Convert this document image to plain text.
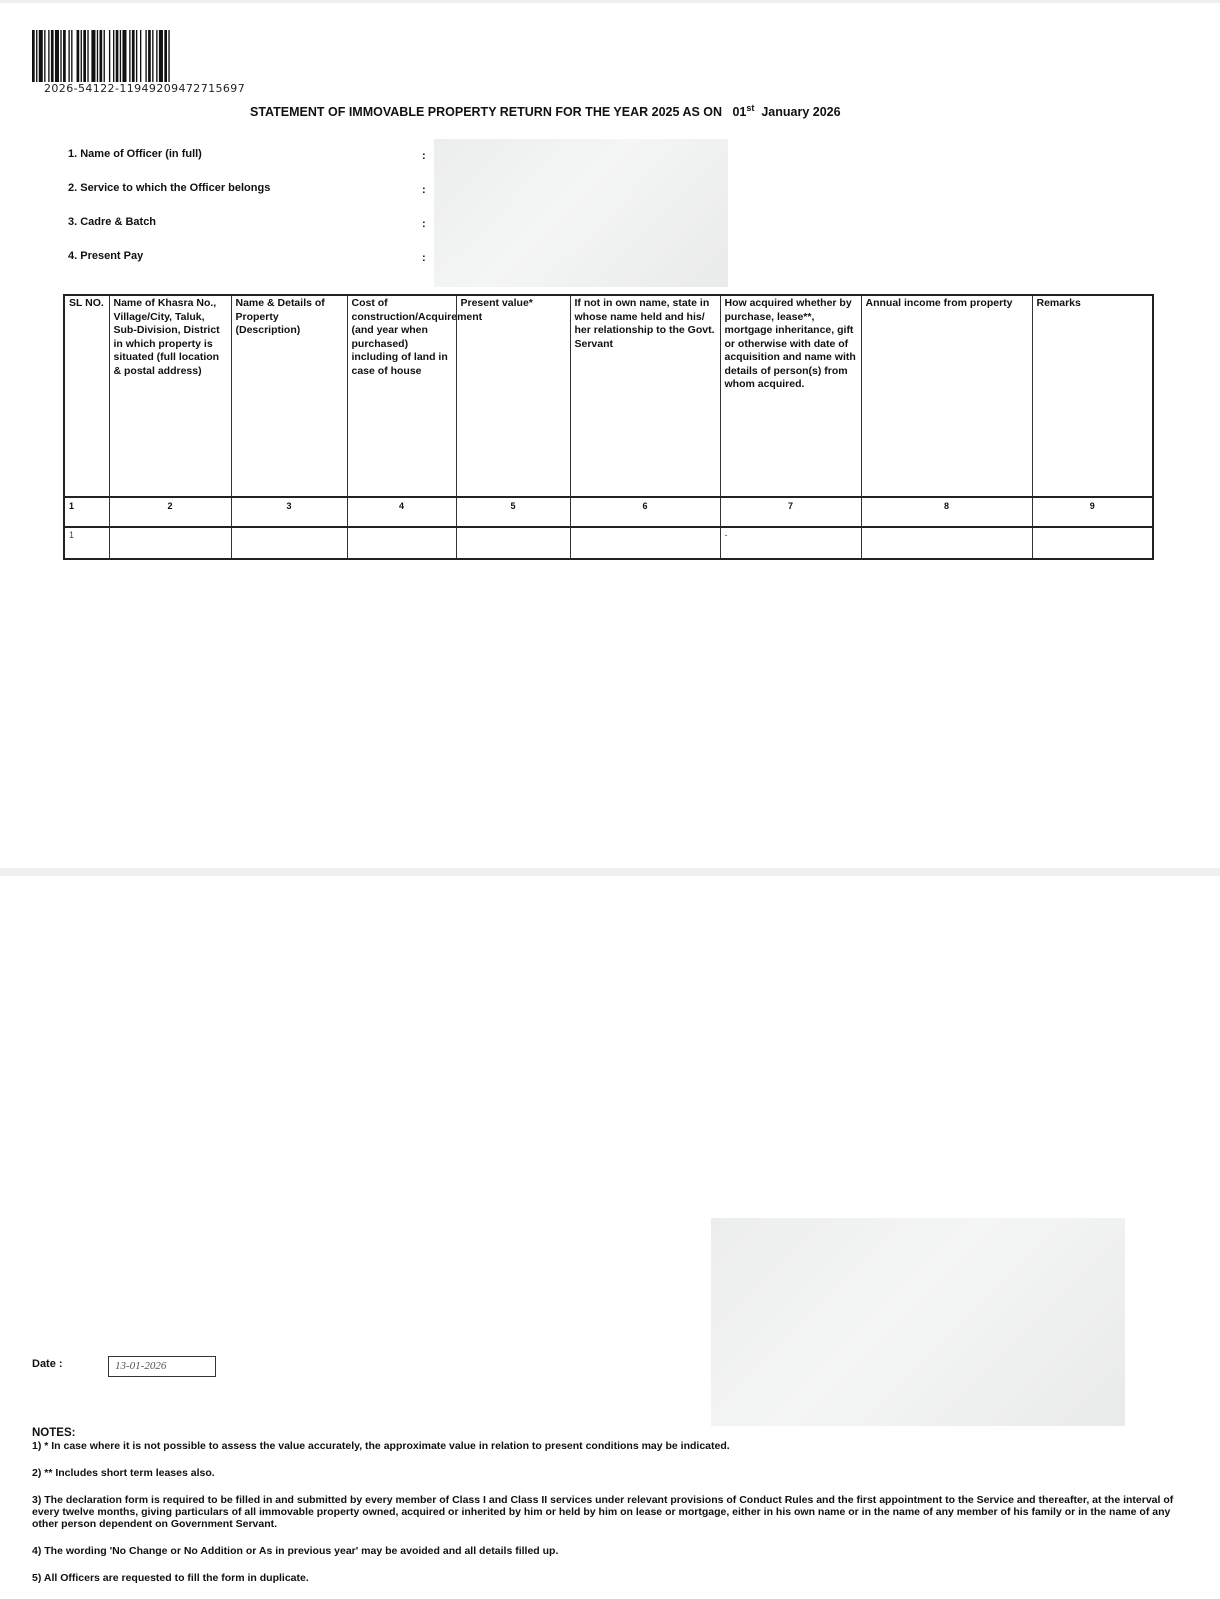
2026-54122-11949209472715697
STATEMENT OF IMMOVABLE PROPERTY RETURN FOR THE YEAR 2025 AS ON 01st January 2026
1. Name of Officer (in full)	:
2. Service to which the Officer belongs	:
3. Cadre & Batch	:
4. Present Pay	:
SL NO.	Name of Khasra No., Village/City, Taluk, Sub-Division, District in which property is situated (full location & postal address)	Name & Details of Property (Description)	Cost of construction/Acquirement (and year when purchased) including of land in case of house	Present value*	If not in own name, state in whose name held and his/ her relationship to the Govt. Servant	How acquired whether by purchase, lease**, mortgage inheritance, gift or otherwise with date of acquisition and name with details of person(s) from whom acquired.	Annual income from property	Remarks
1	2	3	4	5	6	7	8	9
1						-		
Date :	13-01-2026
NOTES:

1) * In case where it is not possible to assess the value accurately, the approximate value in relation to present conditions may be indicated.

2) ** Includes short term leases also.

3) The declaration form is required to be filled in and submitted by every member of Class I and Class II services under relevant provisions of Conduct Rules and the first appointment to the Service and thereafter, at the interval of every twelve months, giving particulars of all immovable property owned, acquired or inherited by him or held by him on lease or mortgage, either in his own name or in the name of any member of his family or in the name of any other person dependent on Government Servant.

4) The wording 'No Change or No Addition or As in previous year' may be avoided and all details filled up.

5) All Officers are requested to fill the form in duplicate.
